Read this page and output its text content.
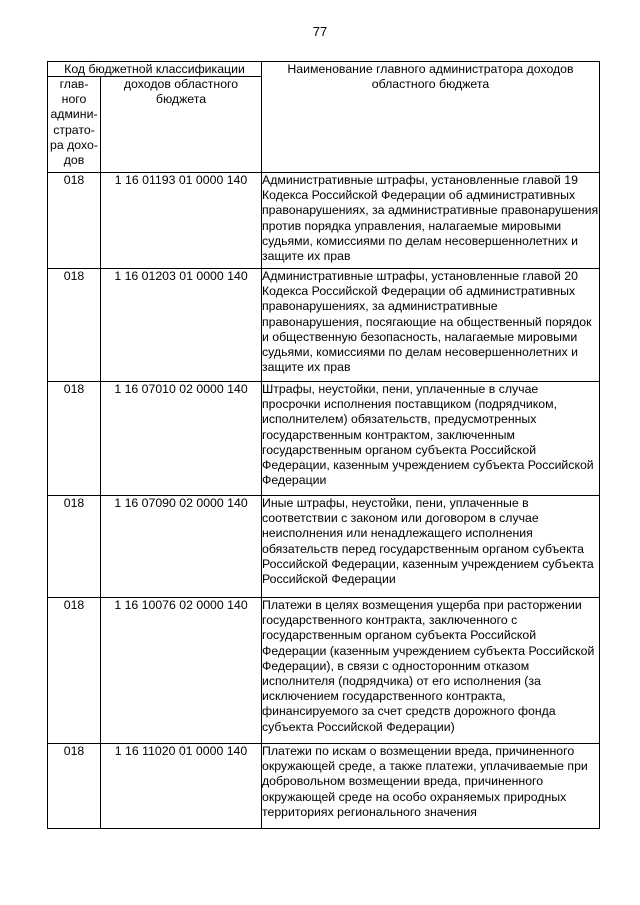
77
Код бюджетной классификации		Наименование главного администратора доходов областного бюджета
глав-ного админи-страто-ра дохо-дов	доходов областного бюджета	
018	1 16 01193 01 0000 140	Административные штрафы, установленные главой 19 Кодекса Российской Федерации об административных правонарушениях, за административные правонарушения против порядка управления, налагаемые мировыми судьями, комиссиями по делам несовершеннолетних и защите их прав
018	1 16 01203 01 0000 140	Административные штрафы, установленные главой 20 Кодекса Российской Федерации об административных правонарушениях, за административные правонарушения, посягающие на общественный порядок и общественную безопасность, налагаемые мировыми судьями, комиссиями по делам несовершеннолетних и защите их прав
018	1 16 07010 02 0000 140	Штрафы, неустойки, пени, уплаченные в случае просрочки исполнения поставщиком (подрядчиком, исполнителем) обязательств, предусмотренных государственным контрактом, заключенным государственным органом субъекта Российской Федерации, казенным учреждением субъекта Российской Федерации
018	1 16 07090 02 0000 140	Иные штрафы, неустойки, пени, уплаченные в соответствии с законом или договором в случае неисполнения или ненадлежащего исполнения обязательств перед государственным органом субъекта Российской Федерации, казенным учреждением субъекта Российской Федерации
018	1 16 10076 02 0000 140	Платежи в целях возмещения ущерба при расторжении государственного контракта, заключенного с государственным органом субъекта Российской Федерации (казенным учреждением субъекта Российской Федерации), в связи с односторонним отказом исполнителя (подрядчика) от его исполнения (за исключением государственного контракта, финансируемого за счет средств дорожного фонда субъекта Российской Федерации)
018	1 16 11020 01 0000 140	Платежи по искам о возмещении вреда, причиненного окружающей среде, а также платежи, уплачиваемые при добровольном возмещении вреда, причиненного окружающей среде на особо охраняемых природных территориях регионального значения
